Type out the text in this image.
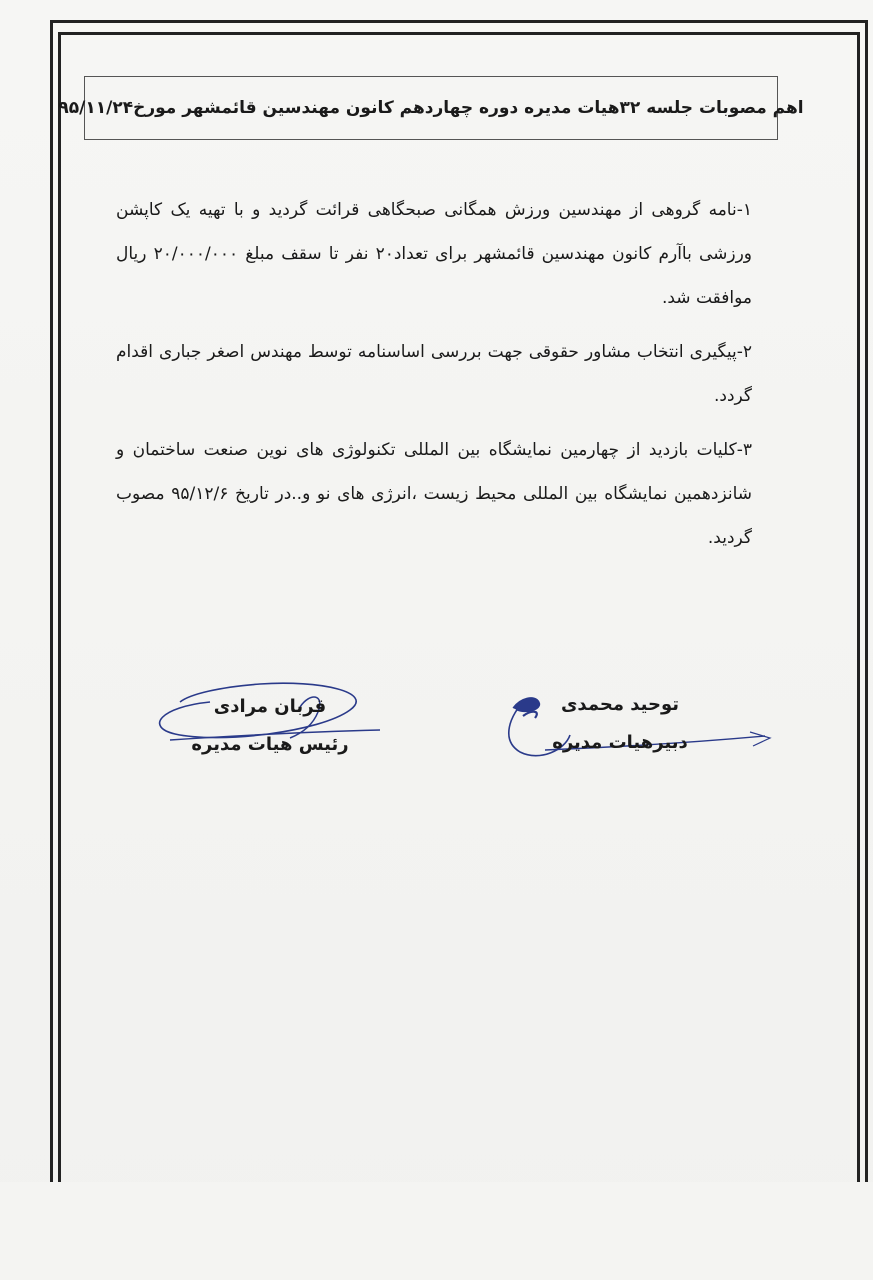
اهم مصوبات جلسه ۳۲هیات مدیره دوره چهاردهم کانون مهندسین قائمشهر مورخ۹۵/۱۱/۲۴

۱-نامه گروهی از مهندسین ورزش همگانی صبحگاهی قرائت گردید و با تهیه یک کاپشن ورزشی باآرم کانون مهندسین قائمشهر برای تعداد۲۰ نفر تا سقف مبلغ ۲۰/۰۰۰/۰۰۰ ریال موافقت شد.

۲-پیگیری انتخاب مشاور حقوقی جهت بررسی اساسنامه توسط مهندس اصغر جباری اقدام گردد.

۳-کلیات بازدید از چهارمین نمایشگاه بین المللی تکنولوژی های نوین صنعت ساختمان و شانزدهمین نمایشگاه بین المللی محیط زیست ،انرژی های نو و..در تاریخ ۹۵/۱۲/۶ مصوب گردید.

قربان مرادی
رئیس هیات مدیره
توحید محمدی
دبیرهیات مدیره
